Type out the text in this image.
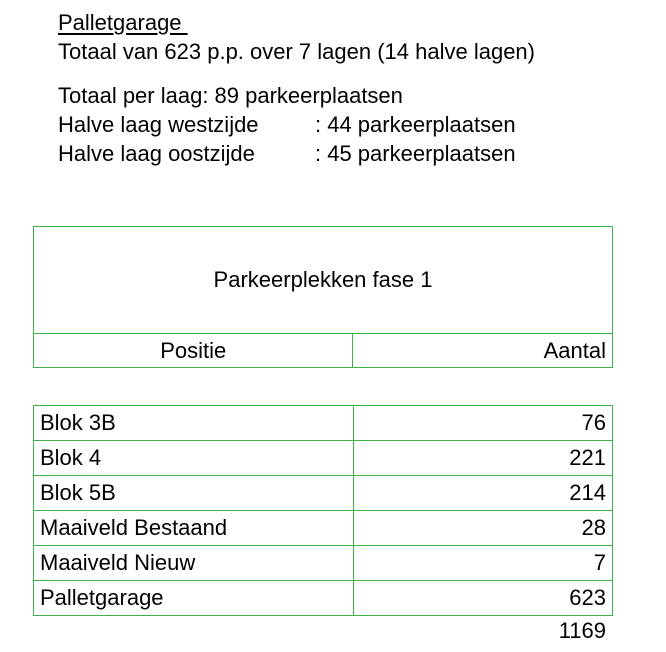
Palletgarage
Totaal van 623 p.p. over 7 lagen (14 halve lagen)
Totaal per laag: 89 parkeerplaatsen
Halve laag westzijde	: 44 parkeerplaatsen
Halve laag oostzijde	: 45 parkeerplaatsen
Parkeerplekken fase 1
Positie	Aantal
Blok 3B	76
Blok 4	221
Blok 5B	214
Maaiveld Bestaand	28
Maaiveld Nieuw	7
Palletgarage	623
1169
